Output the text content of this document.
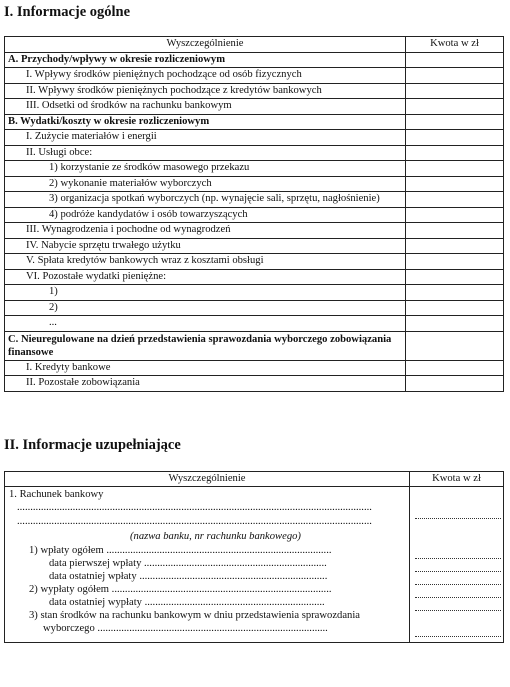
I. Informacje ogólne
Wyszczególnienie	Kwota w zł
A. Przychody/wpływy w okresie rozliczeniowym	
I. Wpływy środków pieniężnych pochodzące od osób fizycznych	
II. Wpływy środków pieniężnych pochodzące z kredytów bankowych	
III. Odsetki od środków na rachunku bankowym	
B. Wydatki/koszty w okresie rozliczeniowym	
I. Zużycie materiałów i energii	
II. Usługi obce:	
1) korzystanie ze środków masowego przekazu	
2) wykonanie materiałów wyborczych	
3) organizacja spotkań wyborczych (np. wynajęcie sali, sprzętu, nagłośnienie)	
4) podróże kandydatów i osób towarzyszących	
III. Wynagrodzenia i pochodne od wynagrodzeń	
IV. Nabycie sprzętu trwałego użytku	
V. Spłata kredytów bankowych wraz z kosztami obsługi	
VI. Pozostałe wydatki pieniężne:	
1)	
2)	
...	
C. Nieuregulowane na dzień przedstawienia sprawozdania wyborczego zobowiązania finansowe	
I. Kredyty bankowe	
II. Pozostałe zobowiązania	
II. Informacje uzupełniające
Wyszczególnienie	Kwota w zł
1. Rachunek bankowy
......................................................................................................................................
......................................................................................................................................
(nazwa banku, nr rachunku bankowego)
1) wpłaty ogółem .....................................................................................
data pierwszej wpłaty .....................................................................
data ostatniej wpłaty .......................................................................
2) wypłaty ogółem ...................................................................................
data ostatniej wypłaty ....................................................................
3) stan środków na rachunku bankowym w dniu przedstawienia sprawozdania
wyborczego .......................................................................................
